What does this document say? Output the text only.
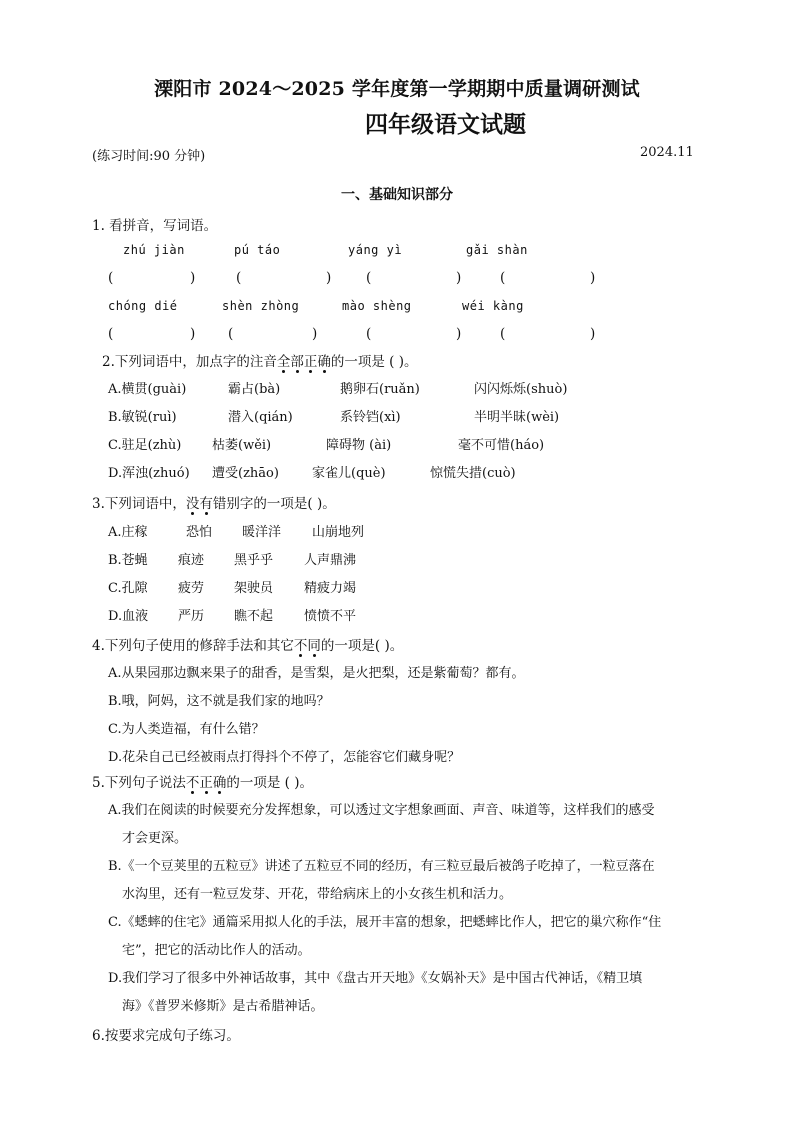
溧阳市 2024～2025 学年度第一学期期中质量调研测试
四年级语文试题
(练习时间:90 分钟)	2024.11
一、基础知识部分
1. 看拼音，写词语。
zhú jiàn	pú táo	yáng yì	gǎi shàn
(	)	(	)	(	)	(	)
chóng dié	shèn zhòng	mào shèng	wéi kàng
(	) (	)	(	)	(	)
2.下列词语中，加点字的注音全部正确的一项是 ( )。
A.横贯(guài)	霸占(bà)	鹅卵石(ruǎn)	闪闪烁烁(shuò)
B.敏锐(ruì)	潜入(qián)	系铃铛(xì)	半明半昧(wèi)
C.驻足(zhù) 枯萎(wěi)	障碍物 (ài)	毫不可惜(háo)
D.浑浊(zhuó) 遭受(zhāo)	家雀儿(què)	惊慌失措(cuò)
3.下列词语中，没有错别字的一项是( )。
A.庄稼	恐怕 暖洋洋 山崩地列
B.苍蝇 痕迹 黑乎乎 人声鼎沸
C.孔隙 疲劳 架驶员 精疲力竭
D.血液 严历 瞧不起 愤愤不平
4.下列句子使用的修辞手法和其它不同的一项是( )。
A.从果园那边飘来果子的甜香，是雪梨，是火把梨，还是紫葡萄？都有。
B.哦，阿妈，这不就是我们家的地吗？
C.为人类造福，有什么错？
D.花朵自己已经被雨点打得抖个不停了，怎能容它们藏身呢？
5.下列句子说法不正确的一项是 ( )。
A.我们在阅读的时候要充分发挥想象，可以透过文字想象画面、声音、味道等，这样我们的感受
才会更深。
B.《一个豆荚里的五粒豆》讲述了五粒豆不同的经历，有三粒豆最后被鸽子吃掉了，一粒豆落在
水沟里，还有一粒豆发芽、开花，带给病床上的小女孩生机和活力。
C.《蟋蟀的住宅》通篇采用拟人化的手法，展开丰富的想象，把蟋蟀比作人，把它的巢穴称作“住
宅”，把它的活动比作人的活动。
D.我们学习了很多中外神话故事，其中《盘古开天地》《女娲补天》是中国古代神话，《精卫填
海》《普罗米修斯》是古希腊神话。
6.按要求完成句子练习。
